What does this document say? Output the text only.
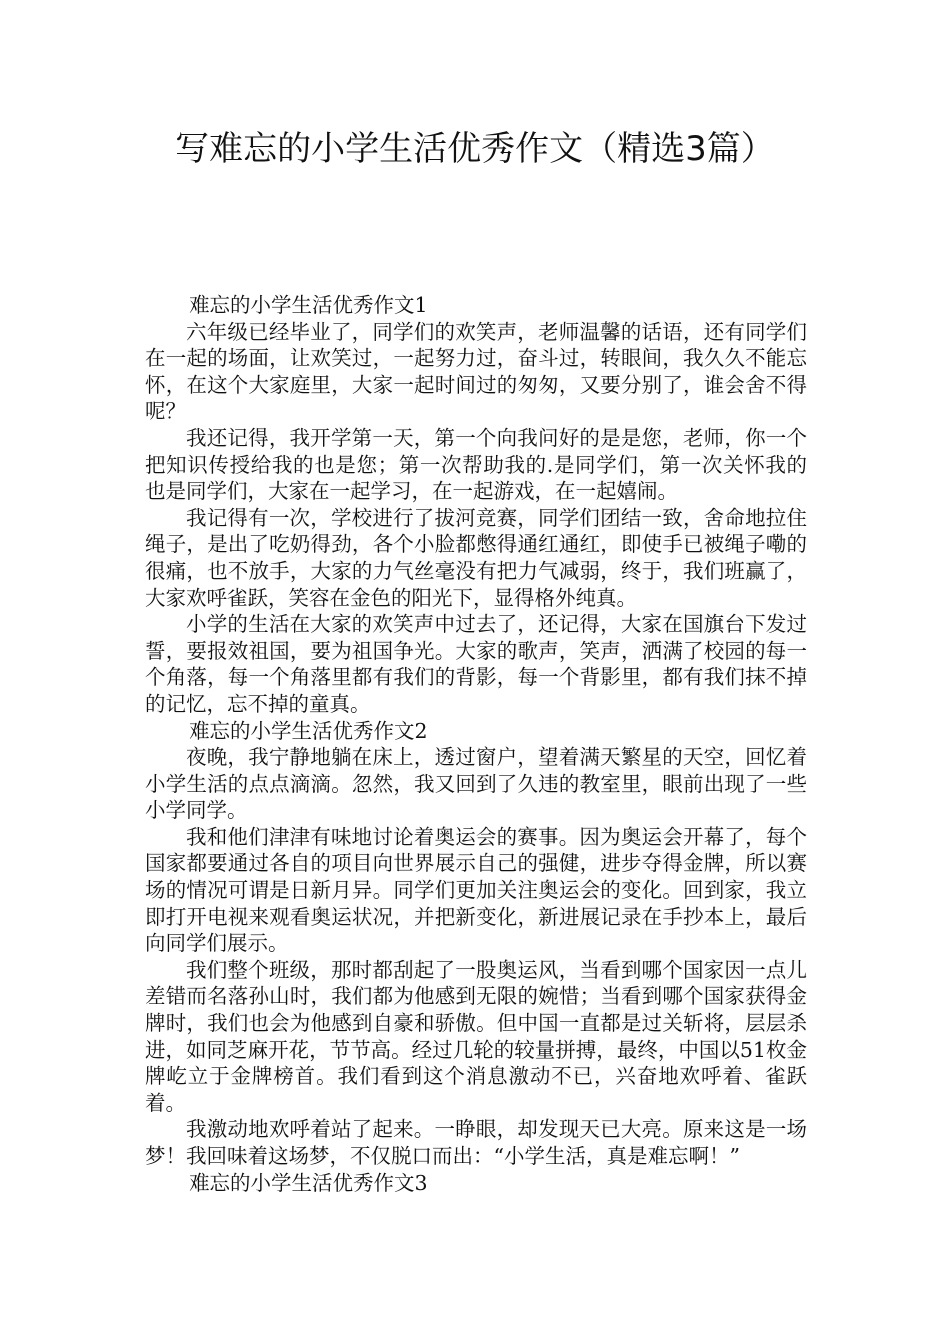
写难忘的小学生活优秀作文（精选3篇）

难忘的小学生活优秀作文1

六年级已经毕业了，同学们的欢笑声，老师温馨的话语，还有同学们在一起的场面，让欢笑过，一起努力过，奋斗过，转眼间，我久久不能忘怀，在这个大家庭里，大家一起时间过的匆匆，又要分别了，谁会舍不得呢？

我还记得，我开学第一天，第一个向我问好的是是您，老师，你一个把知识传授给我的也是您；第一次帮助我的.是同学们，第一次关怀我的也是同学们，大家在一起学习，在一起游戏，在一起嬉闹。

我记得有一次，学校进行了拔河竞赛，同学们团结一致，舍命地拉住绳子，是出了吃奶得劲，各个小脸都憋得通红通红，即使手已被绳子嘞的很痛，也不放手，大家的力气丝毫没有把力气减弱，终于，我们班赢了，大家欢呼雀跃，笑容在金色的阳光下，显得格外纯真。

小学的生活在大家的欢笑声中过去了，还记得，大家在国旗台下发过誓，要报效祖国，要为祖国争光。大家的歌声，笑声，洒满了校园的每一个角落，每一个角落里都有我们的背影，每一个背影里，都有我们抹不掉的记忆，忘不掉的童真。

难忘的小学生活优秀作文2

夜晚，我宁静地躺在床上，透过窗户，望着满天繁星的天空，回忆着小学生活的点点滴滴。忽然，我又回到了久违的教室里，眼前出现了一些小学同学。

我和他们津津有味地讨论着奥运会的赛事。因为奥运会开幕了，每个国家都要通过各自的项目向世界展示自己的强健，进步夺得金牌，所以赛场的情况可谓是日新月异。同学们更加关注奥运会的变化。回到家，我立即打开电视来观看奥运状况，并把新变化，新进展记录在手抄本上，最后向同学们展示。

我们整个班级，那时都刮起了一股奥运风，当看到哪个国家因一点儿差错而名落孙山时，我们都为他感到无限的婉惜；当看到哪个国家获得金牌时，我们也会为他感到自豪和骄傲。但中国一直都是过关斩将，层层杀进，如同芝麻开花，节节高。经过几轮的较量拼搏，最终，中国以51枚金牌屹立于金牌榜首。我们看到这个消息激动不已，兴奋地欢呼着、雀跃着。

我激动地欢呼着站了起来。一睁眼，却发现天已大亮。原来这是一场梦！我回味着这场梦，不仅脱口而出：“小学生活，真是难忘啊！”

难忘的小学生活优秀作文3
